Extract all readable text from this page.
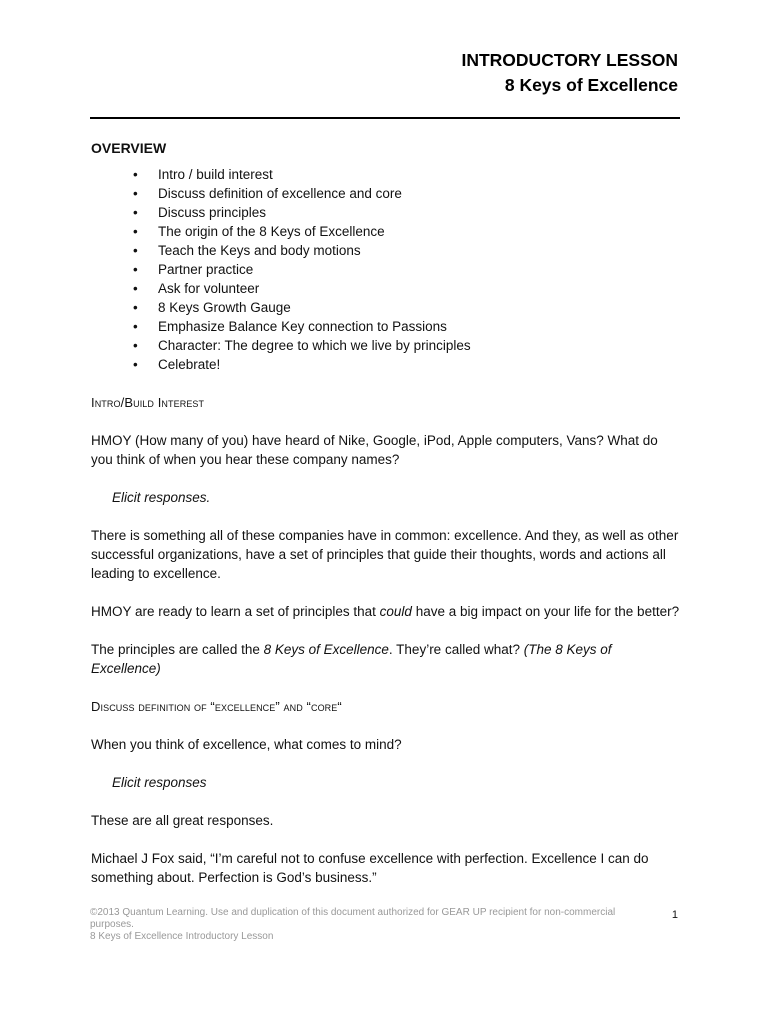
INTRODUCTORY LESSON
8 Keys of Excellence
OVERVIEW
• Intro / build interest
• Discuss definition of excellence and core
• Discuss principles
• The origin of the 8 Keys of Excellence
• Teach the Keys and body motions
• Partner practice
• Ask for volunteer
• 8 Keys Growth Gauge
• Emphasize Balance Key connection to Passions
• Character: The degree to which we live by principles
• Celebrate!
Intro/Build Interest

HMOY (How many of you) have heard of Nike, Google, iPod, Apple computers, Vans? What do you think of when you hear these company names?

Elicit responses.

There is something all of these companies have in common: excellence. And they, as well as other successful organizations, have a set of principles that guide their thoughts, words and actions all leading to excellence.

HMOY are ready to learn a set of principles that could have a big impact on your life for the better?

The principles are called the 8 Keys of Excellence. They’re called what? (The 8 Keys of Excellence)

Discuss definition of “excellence” and “core“

When you think of excellence, what comes to mind?

Elicit responses

These are all great responses.

Michael J Fox said, “I’m careful not to confuse excellence with perfection. Excellence I can do something about. Perfection is God’s business.”

©2013 Quantum Learning. Use and duplication of this document authorized for GEAR UP recipient for non-commercial purposes.
8 Keys of Excellence Introductory Lesson
1
